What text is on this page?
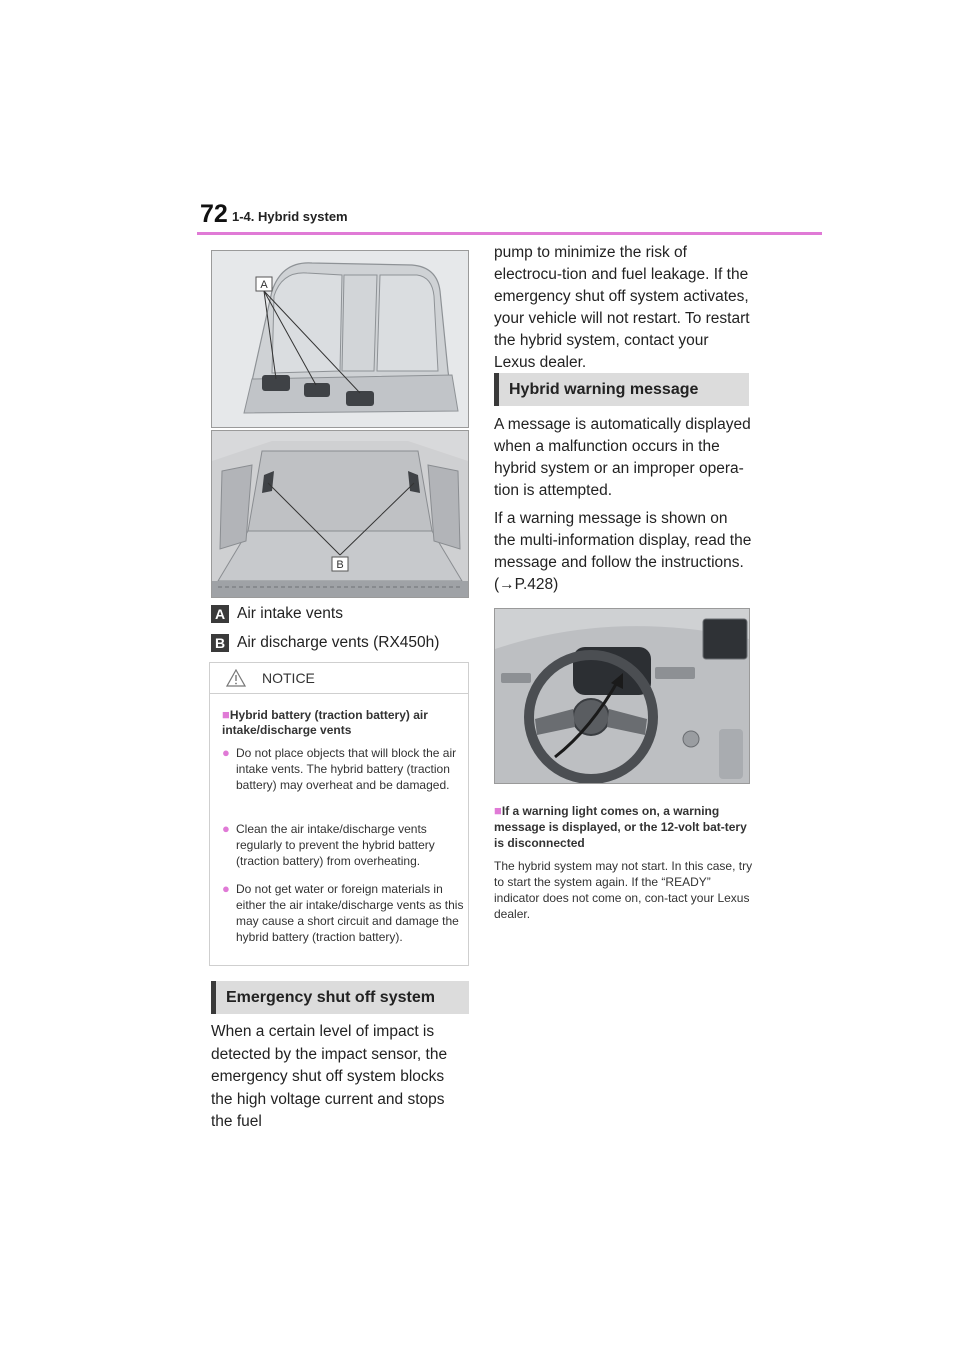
72 1-4. Hybrid system
A
B
A Air intake vents
B Air discharge vents (RX450h)
NOTICE
■Hybrid battery (traction battery) air intake/discharge vents
● Do not place objects that will block the air intake vents. The hybrid battery (traction battery) may overheat and be damaged.
● Clean the air intake/discharge vents regularly to prevent the hybrid battery (traction battery) from overheating.
● Do not get water or foreign materials in either the air intake/discharge vents as this may cause a short circuit and damage the hybrid battery (traction battery).
Emergency shut off system
When a certain level of impact is detected by the impact sensor, the emergency shut off system blocks the high voltage current and stops the fuel
pump to minimize the risk of electrocu-tion and fuel leakage. If the emergency shut off system activates, your vehicle will not restart. To restart the hybrid system, contact your Lexus dealer.
Hybrid warning message
A message is automatically displayed when a malfunction occurs in the hybrid system or an improper opera-tion is attempted.
If a warning message is shown on the multi-information display, read the message and follow the instructions. (→P.428)
■If a warning light comes on, a warning message is displayed, or the 12-volt bat-tery is disconnected
The hybrid system may not start. In this case, try to start the system again. If the “READY” indicator does not come on, con-tact your Lexus dealer.
